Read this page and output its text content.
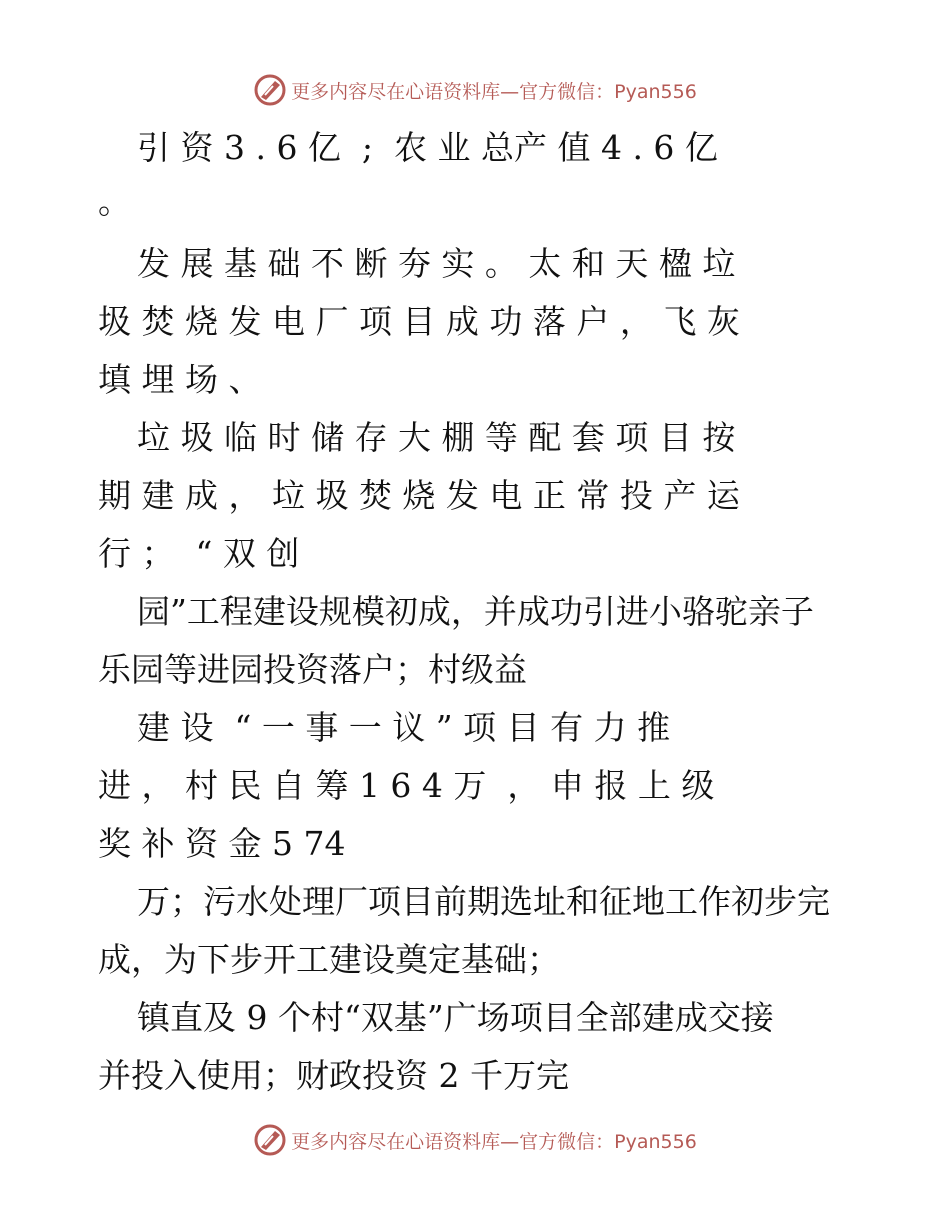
更多内容尽在心语资料库—官方微信：Pyan556
引 资 3 . 6 亿  ;  农 业 总产 值 4 . 6 亿
。
发 展 基 础 不 断 夯 实 。 太 和 天 楹 垃
圾 焚 烧 发 电 厂 项 目 成 功 落 户 ， 飞 灰
填 埋 场 、
垃 圾 临 时 储 存 大 棚 等 配 套 项 目 按
期 建 成 ， 垃 圾 焚 烧 发 电 正 常 投 产 运
行 ；  “ 双 创
园”工程建设规模初成，并成功引进小骆驼亲子
乐园等进园投资落户；村级益
建 设  “ 一 事 一 议 ” 项 目 有 力 推
进 ， 村 民 自 筹 1 6 4 万  ， 申 报 上 级
奖 补 资 金 5 74
万；污水处理厂项目前期选址和征地工作初步完
成，为下步开工建设奠定基础；
镇直及 9 个村“双基”广场项目全部建成交接
并投入使用；财政投资 2 千万完
更多内容尽在心语资料库—官方微信：Pyan556
